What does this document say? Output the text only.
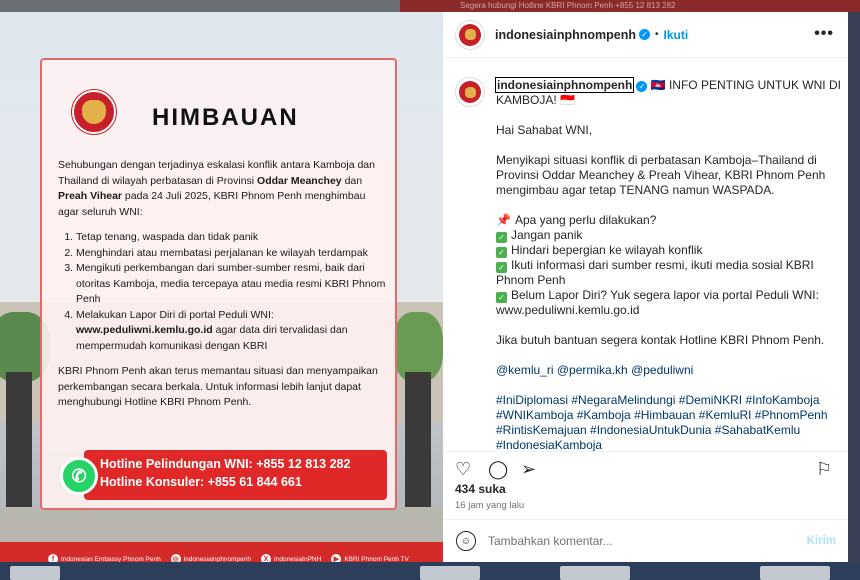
Segera hubungi Hotline KBRI Phnom Penh +855 12 813 282
HIMBAUAN

Sehubungan dengan terjadinya eskalasi konflik antara Kamboja dan Thailand di wilayah perbatasan di Provinsi Oddar Meanchey dan Preah Vihear pada 24 Juli 2025, KBRI Phnom Penh menghimbau agar seluruh WNI:

1. Tetap tenang, waspada dan tidak panik
2. Menghindari atau membatasi perjalanan ke wilayah terdampak
3. Mengikuti perkembangan dari sumber-sumber resmi, baik dari otoritas Kamboja, media tercepaya atau media resmi KBRI Phnom Penh
4. Melakukan Lapor Diri di portal Peduli WNI:
www.peduliwni.kemlu.go.id agar data diri tervalidasi dan mempermudah komunikasi dengan KBRI

KBRI Phnom Penh akan terus memantau situasi dan menyampaikan perkembangan secara berkala. Untuk informasi lebih lanjut dapat menghubungi Hotline KBRI Phnom Penh.

Hotline Pelindungan WNI: +855 12 813 282
Hotline Konsuler: +855 61 844 661
✆
f	Indonesian Embassy Phnom Penh ◎ indonesiainphnompenh	X IndonesiaInPNH	▶ KBRI Phnom Penh TV
indonesiainphnompenh ✓ • Ikuti	•••

indonesiainphnompenh ✓ 🇰🇭 INFO PENTING UNTUK WNI DI KAMBOJA! 🇮🇩

Hai Sahabat WNI,

Menyikapi situasi konflik di perbatasan Kamboja–Thailand di Provinsi Oddar Meanchey & Preah Vihear, KBRI Phnom Penh mengimbau agar tetap TENANG namun WASPADA.

📌 Apa yang perlu dilakukan?
✓ Jangan panik
✓ Hindari bepergian ke wilayah konflik
✓ Ikuti informasi dari sumber resmi, ikuti media sosial KBRI Phnom Penh
✓ Belum Lapor Diri? Yuk segera lapor via portal Peduli WNI: www.peduliwni.kemlu.go.id

Jika butuh bantuan segera kontak Hotline KBRI Phnom Penh.

@kemlu_ri @permika.kh @peduliwni

#IniDiplomasi #NegaraMelindungi #DemiNKRI #InfoKamboja #WNIKamboja #Kamboja #Himbauan #KemluRI #PhnomPenh #RintisKemajuan #IndonesiaUntukDunia #SahabatKemlu #IndonesiaKamboja

♡ ◯ ➢	⚐
434 suka
16 jam yang lalu
☺
Tambahkan komentar...	Kirim
